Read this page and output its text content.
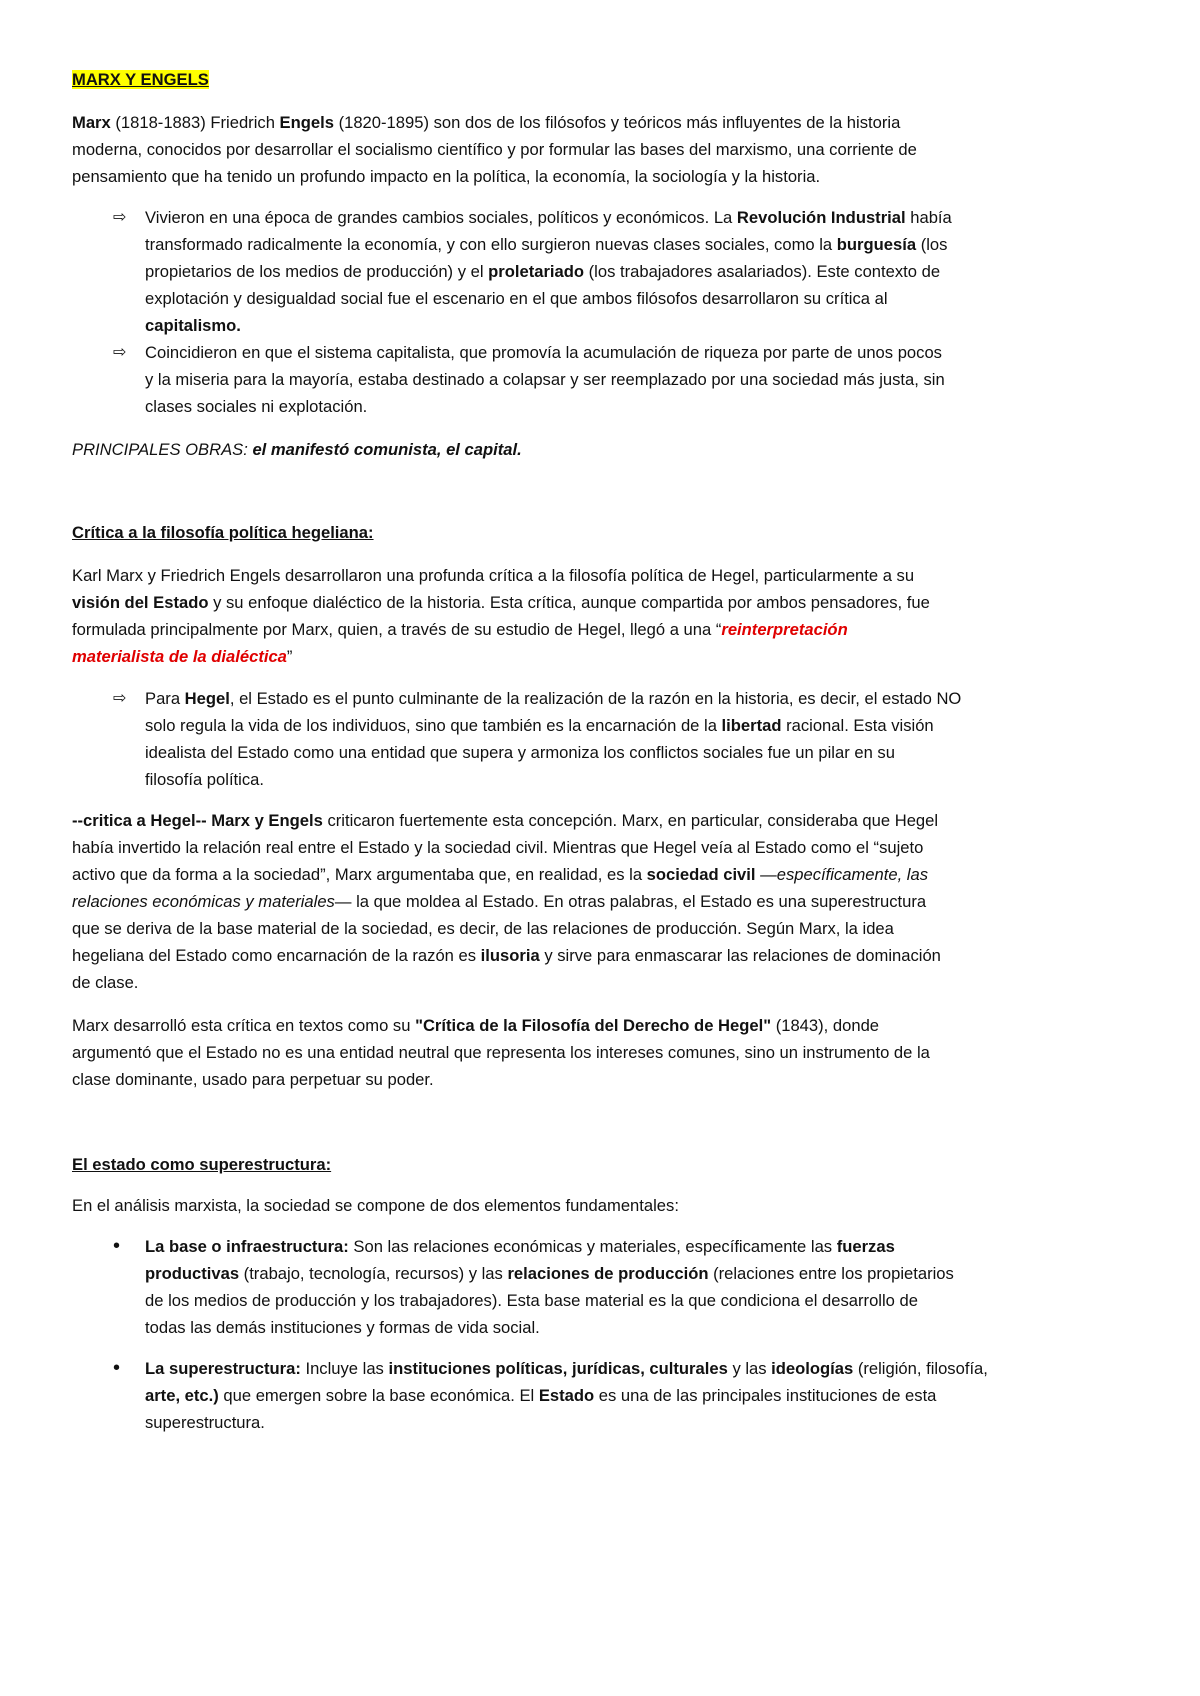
MARX Y ENGELS
Marx (1818-1883) Friedrich Engels (1820-1895) son dos de los filósofos y teóricos más influyentes de la historia
moderna, conocidos por desarrollar el socialismo científico y por formular las bases del marxismo, una corriente de
pensamiento que ha tenido un profundo impacto en la política, la economía, la sociología y la historia.
⇨ Vivieron en una época de grandes cambios sociales, políticos y económicos. La Revolución Industrial había
transformado radicalmente la economía, y con ello surgieron nuevas clases sociales, como la burguesía (los
propietarios de los medios de producción) y el proletariado (los trabajadores asalariados). Este contexto de
explotación y desigualdad social fue el escenario en el que ambos filósofos desarrollaron su crítica al
capitalismo.
⇨ Coincidieron en que el sistema capitalista, que promovía la acumulación de riqueza por parte de unos pocos
y la miseria para la mayoría, estaba destinado a colapsar y ser reemplazado por una sociedad más justa, sin
clases sociales ni explotación.
PRINCIPALES OBRAS: el manifestó comunista, el capital.
Crítica a la filosofía política hegeliana:
Karl Marx y Friedrich Engels desarrollaron una profunda crítica a la filosofía política de Hegel, particularmente a su
visión del Estado y su enfoque dialéctico de la historia. Esta crítica, aunque compartida por ambos pensadores, fue
formulada principalmente por Marx, quien, a través de su estudio de Hegel, llegó a una “reinterpretación
materialista de la dialéctica”
⇨ Para Hegel, el Estado es el punto culminante de la realización de la razón en la historia, es decir, el estado NO
solo regula la vida de los individuos, sino que también es la encarnación de la libertad racional. Esta visión
idealista del Estado como una entidad que supera y armoniza los conflictos sociales fue un pilar en su
filosofía política.
--critica a Hegel-- Marx y Engels criticaron fuertemente esta concepción. Marx, en particular, consideraba que Hegel
había invertido la relación real entre el Estado y la sociedad civil. Mientras que Hegel veía al Estado como el “sujeto
activo que da forma a la sociedad”, Marx argumentaba que, en realidad, es la sociedad civil —específicamente, las
relaciones económicas y materiales— la que moldea al Estado. En otras palabras, el Estado es una superestructura
que se deriva de la base material de la sociedad, es decir, de las relaciones de producción. Según Marx, la idea
hegeliana del Estado como encarnación de la razón es ilusoria y sirve para enmascarar las relaciones de dominación
de clase.
Marx desarrolló esta crítica en textos como su "Crítica de la Filosofía del Derecho de Hegel" (1843), donde
argumentó que el Estado no es una entidad neutral que representa los intereses comunes, sino un instrumento de la
clase dominante, usado para perpetuar su poder.
El estado como superestructura:
En el análisis marxista, la sociedad se compone de dos elementos fundamentales:
• La base o infraestructura: Son las relaciones económicas y materiales, específicamente las fuerzas
productivas (trabajo, tecnología, recursos) y las relaciones de producción (relaciones entre los propietarios
de los medios de producción y los trabajadores). Esta base material es la que condiciona el desarrollo de
todas las demás instituciones y formas de vida social.
• La superestructura: Incluye las instituciones políticas, jurídicas, culturales y las ideologías (religión, filosofía,
arte, etc.) que emergen sobre la base económica. El Estado es una de las principales instituciones de esta
superestructura.
